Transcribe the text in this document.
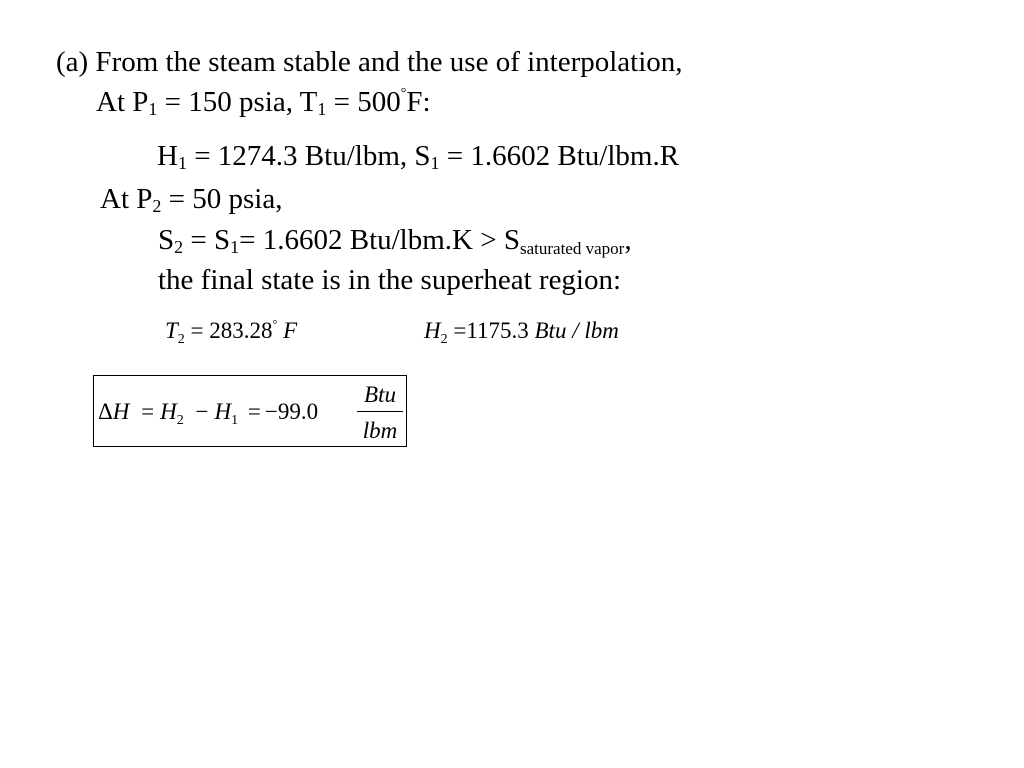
(a) From the steam stable and the use of interpolation,
At $P_1 = 150$ psia, $T_1 = 500^\circ F$:
$H_1 = 1274.3$ Btu/lbm, $S_1 = 1.6602$ Btu/lbm.R
At $P_2 = 50$ psia,
$S_2 = S_1= 1.6602$ $Btu/lbm.K > S_{saturated vapor}$,
the final state is in the superheat region:
$T_2 = 283.28^\circ$ F	$H_2 =1175.3$ Btu / lbm
$\Delta H = H_2 - H_1 = -99.0$
Btu
lbm
